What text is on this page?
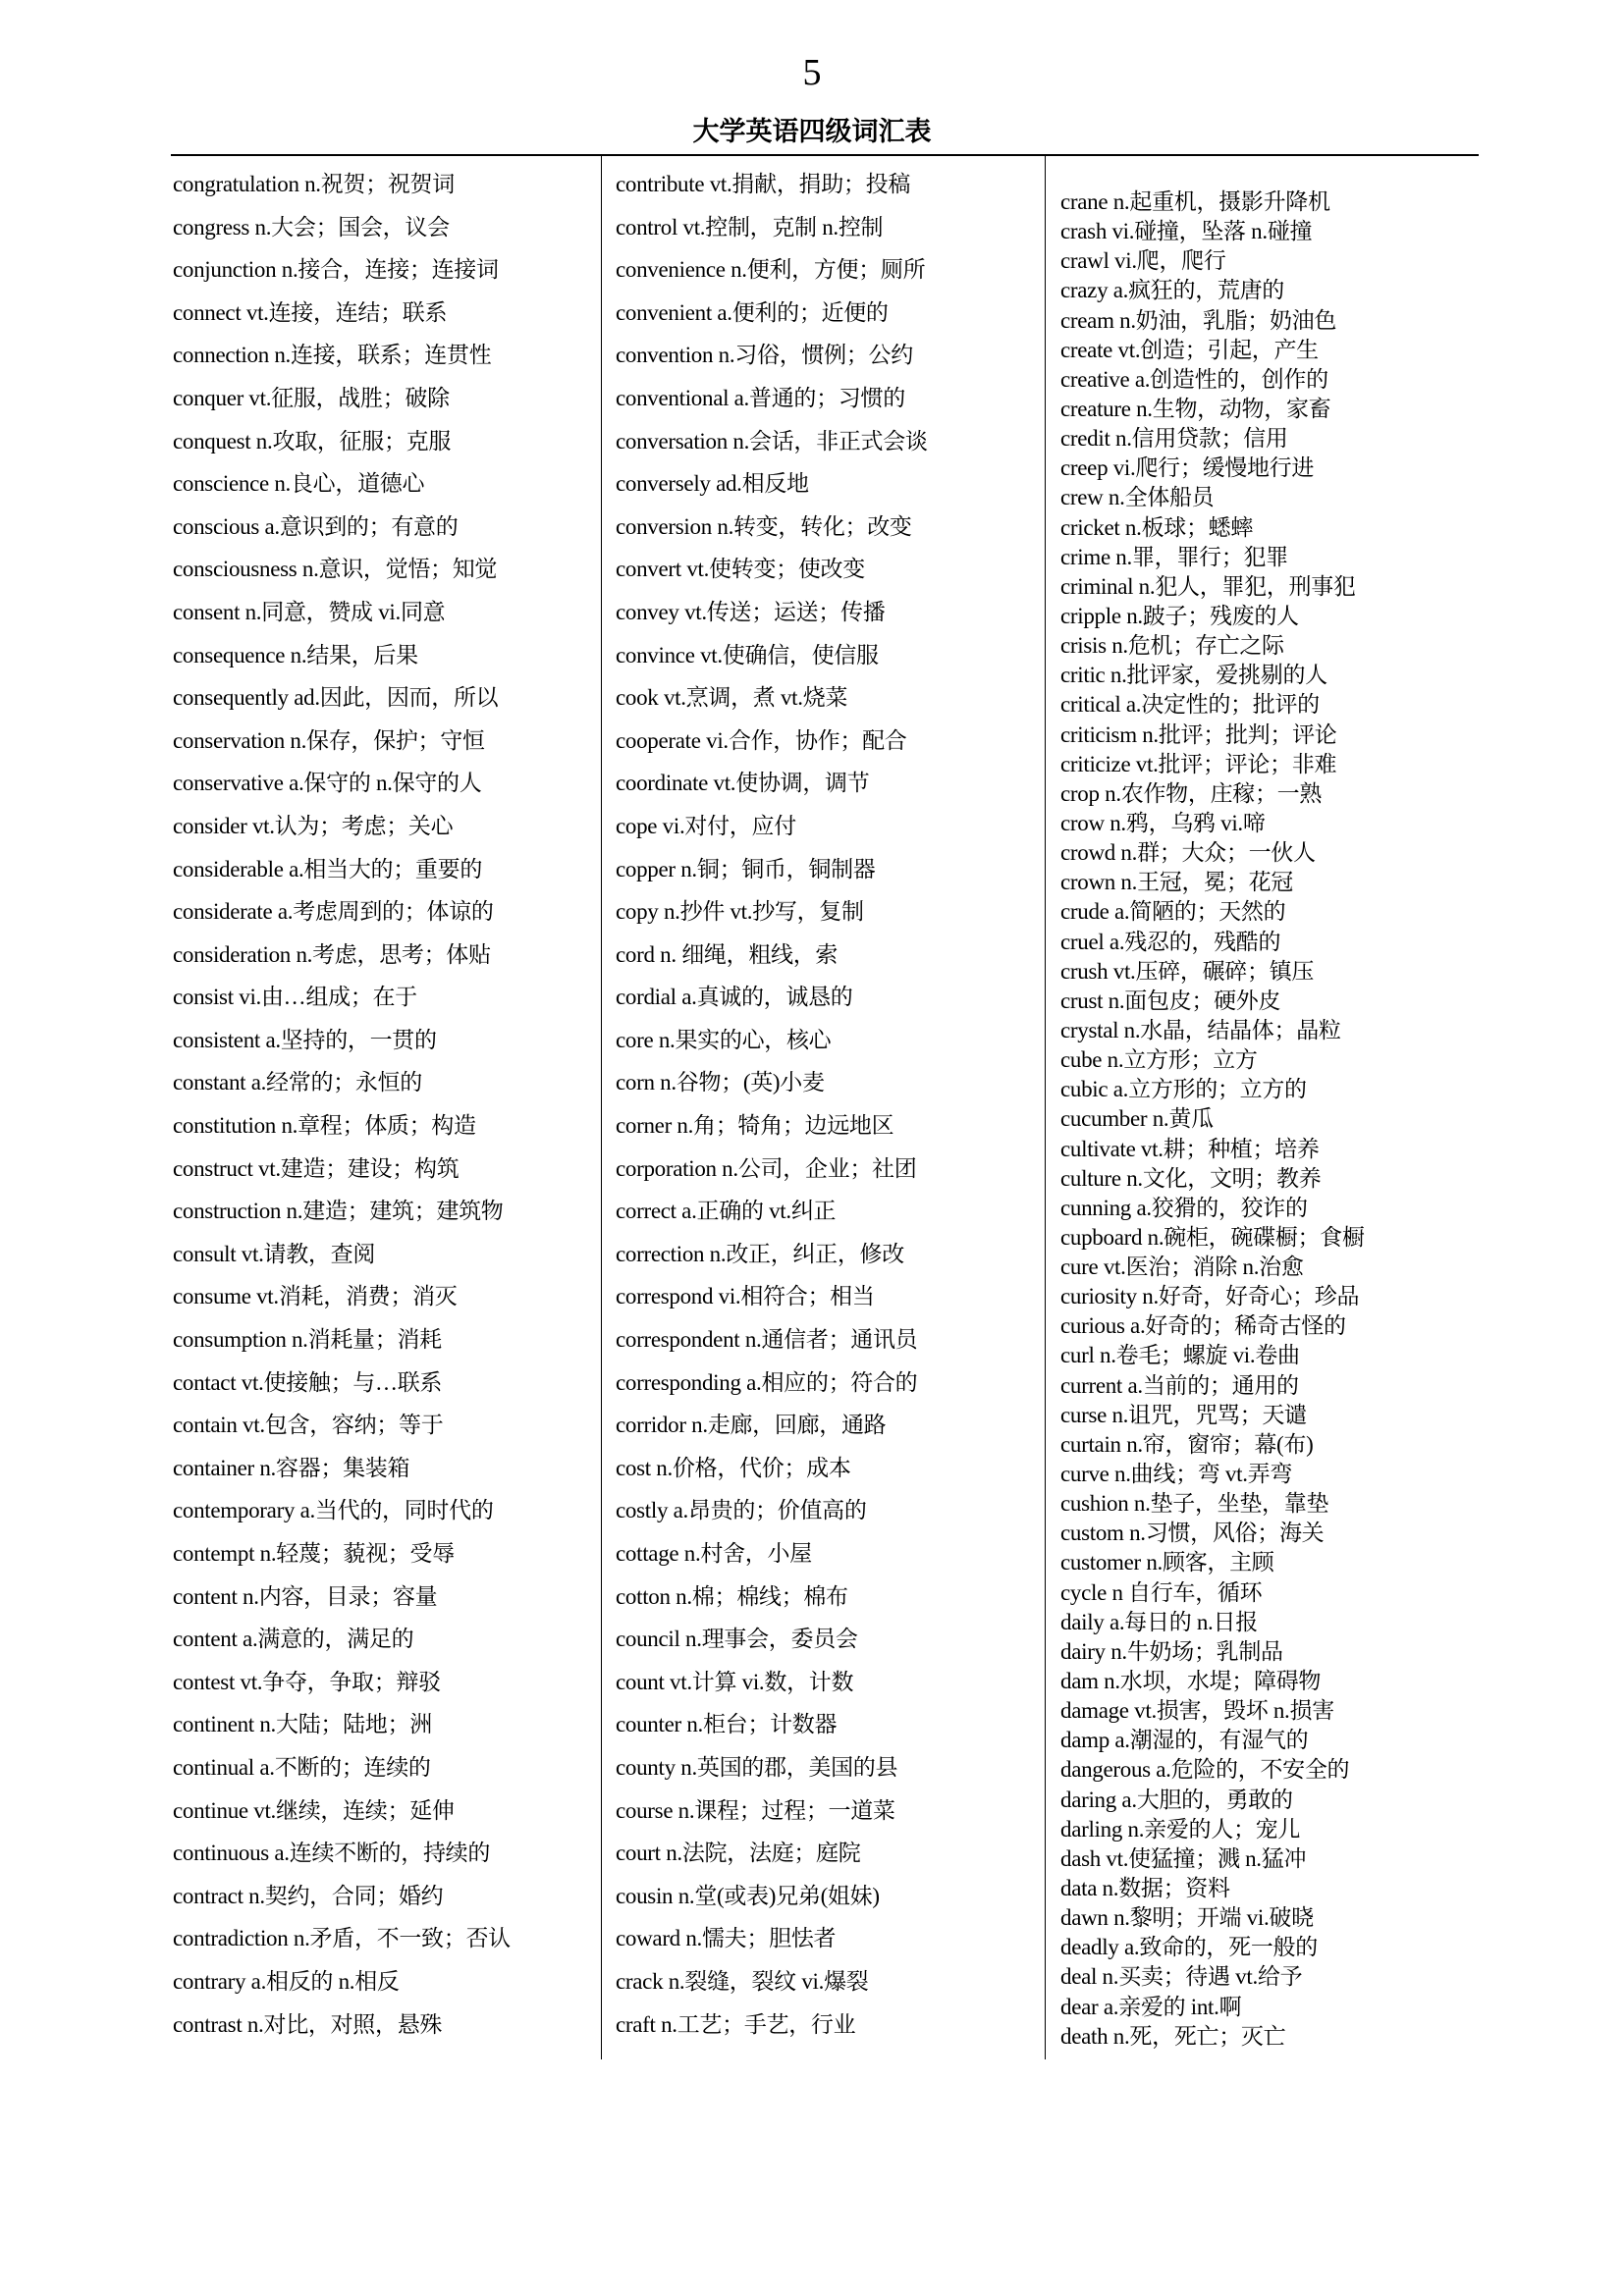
5
大学英语四级词汇表
congratulation n.祝贺；祝贺词
congress n.大会；国会，议会
conjunction n.接合，连接；连接词
connect vt.连接，连结；联系
connection n.连接，联系；连贯性
conquer vt.征服，战胜；破除
conquest n.攻取，征服；克服
conscience n.良心，道德心
conscious a.意识到的；有意的
consciousness n.意识，觉悟；知觉
consent n.同意，赞成 vi.同意
consequence n.结果，后果
consequently ad.因此，因而，所以
conservation n.保存，保护；守恒
conservative a.保守的 n.保守的人
consider vt.认为；考虑；关心
considerable a.相当大的；重要的
considerate a.考虑周到的；体谅的
consideration n.考虑，思考；体贴
consist vi.由…组成；在于
consistent a.坚持的，一贯的
constant a.经常的；永恒的
constitution n.章程；体质；构造
construct vt.建造；建设；构筑
construction n.建造；建筑；建筑物
consult vt.请教，查阅
consume vt.消耗，消费；消灭
consumption n.消耗量；消耗
contact vt.使接触；与…联系
contain vt.包含，容纳；等于
container n.容器；集装箱
contemporary a.当代的，同时代的
contempt n.轻蔑；藐视；受辱
content n.内容，目录；容量
content a.满意的，满足的
contest vt.争夺，争取；辩驳
continent n.大陆；陆地；洲
continual a.不断的；连续的
continue vt.继续，连续；延伸
continuous a.连续不断的，持续的
contract n.契约，合同；婚约
contradiction n.矛盾，不一致；否认
contrary a.相反的 n.相反
contrast n.对比，对照，悬殊
contribute vt.捐献，捐助；投稿
control vt.控制，克制 n.控制
convenience n.便利，方便；厕所
convenient a.便利的；近便的
convention n.习俗，惯例；公约
conventional a.普通的；习惯的
conversation n.会话，非正式会谈
conversely ad.相反地
conversion n.转变，转化；改变
convert vt.使转变；使改变
convey vt.传送；运送；传播
convince vt.使确信，使信服
cook vt.烹调，煮 vt.烧菜
cooperate vi.合作，协作；配合
coordinate vt.使协调，调节
cope vi.对付，应付
copper n.铜；铜币，铜制器
copy n.抄件 vt.抄写，复制
cord n. 细绳，粗线，索
cordial a.真诚的，诚恳的
core n.果实的心，核心
corn n.谷物；(英)小麦
corner n.角；犄角；边远地区
corporation n.公司，企业；社团
correct a.正确的 vt.纠正
correction n.改正，纠正，修改
correspond vi.相符合；相当
correspondent n.通信者；通讯员
corresponding a.相应的；符合的
corridor n.走廊，回廊，通路
cost n.价格，代价；成本
costly a.昂贵的；价值高的
cottage n.村舍，小屋
cotton n.棉；棉线；棉布
council n.理事会，委员会
count vt.计算 vi.数，计数
counter n.柜台；计数器
county n.英国的郡，美国的县
course n.课程；过程；一道菜
court n.法院，法庭；庭院
cousin n.堂(或表)兄弟(姐妹)
coward n.懦夫；胆怯者
crack n.裂缝，裂纹 vi.爆裂
craft n.工艺；手艺，行业
crane n.起重机，摄影升降机
crash vi.碰撞，坠落 n.碰撞
crawl vi.爬，爬行
crazy a.疯狂的，荒唐的
cream n.奶油，乳脂；奶油色
create vt.创造；引起，产生
creative a.创造性的，创作的
creature n.生物，动物，家畜
credit n.信用贷款；信用
creep vi.爬行；缓慢地行进
crew n.全体船员
cricket n.板球；蟋蟀
crime n.罪，罪行；犯罪
criminal n.犯人，罪犯，刑事犯
cripple n.跛子；残废的人
crisis n.危机；存亡之际
critic n.批评家，爱挑剔的人
critical a.决定性的；批评的
criticism n.批评；批判；评论
criticize vt.批评；评论；非难
crop n.农作物，庄稼；一熟
crow n.鸦，乌鸦 vi.啼
crowd n.群；大众；一伙人
crown n.王冠，冕；花冠
crude a.简陋的；天然的
cruel a.残忍的，残酷的
crush vt.压碎，碾碎；镇压
crust n.面包皮；硬外皮
crystal n.水晶，结晶体；晶粒
cube n.立方形；立方
cubic a.立方形的；立方的
cucumber n.黄瓜
cultivate vt.耕；种植；培养
culture n.文化，文明；教养
cunning a.狡猾的，狡诈的
cupboard n.碗柜，碗碟橱；食橱
cure vt.医治；消除 n.治愈
curiosity n.好奇，好奇心；珍品
curious a.好奇的；稀奇古怪的
curl n.卷毛；螺旋 vi.卷曲
current a.当前的；通用的
curse n.诅咒，咒骂；天谴
curtain n.帘，窗帘；幕(布)
curve n.曲线；弯 vt.弄弯
cushion n.垫子，坐垫，靠垫
custom n.习惯，风俗；海关
customer n.顾客，主顾
cycle n 自行车，循环
daily a.每日的 n.日报
dairy n.牛奶场；乳制品
dam n.水坝，水堤；障碍物
damage vt.损害，毁坏 n.损害
damp a.潮湿的，有湿气的
dangerous a.危险的，不安全的
daring a.大胆的，勇敢的
darling n.亲爱的人；宠儿
dash vt.使猛撞；溅 n.猛冲
data n.数据；资料
dawn n.黎明；开端 vi.破晓
deadly a.致命的，死一般的
deal n.买卖；待遇 vt.给予
dear a.亲爱的 int.啊
death n.死，死亡；灭亡
